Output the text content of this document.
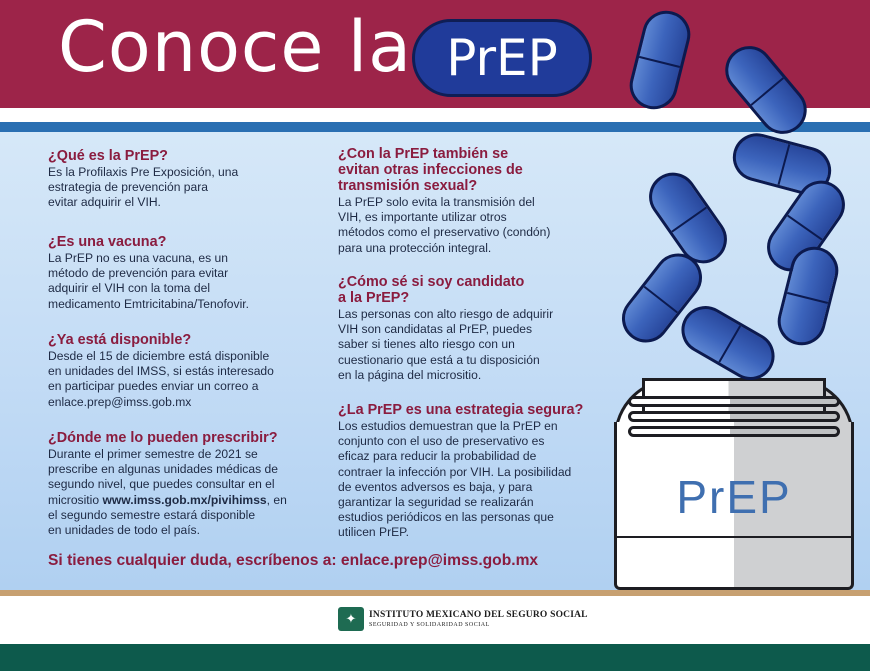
Conoce la PrEP
¿Qué es la PrEP?

Es la Profilaxis Pre Exposición, una
estrategia de prevención para
evitar adquirir el VIH.

¿Es una vacuna?

La PrEP no es una vacuna, es un
método de prevención para evitar
adquirir el VIH con la toma del
medicamento Emtricitabina/Tenofovir.

¿Ya está disponible?

Desde el 15 de diciembre está disponible
en unidades del IMSS, si estás interesado
en participar puedes enviar un correo a
enlace.prep@imss.gob.mx

¿Dónde me lo pueden prescribir?

Durante el primer semestre de 2021 se
prescribe en algunas unidades médicas de
segundo nivel, que puedes consultar en el
micrositio www.imss.gob.mx/pivihimss, en
el segundo semestre estará disponible
en unidades de todo el país.

¿Con la PrEP también se
evitan otras infecciones de
transmisión sexual?

La PrEP solo evita la transmisión del
VIH, es importante utilizar otros
métodos como el preservativo (condón)
para una protección integral.

¿Cómo sé si soy candidato
a la PrEP?

Las personas con alto riesgo de adquirir
VIH son candidatas al PrEP, puedes
saber si tienes alto riesgo con un
cuestionario que está a tu disposición
en la página del micrositio.

¿La PrEP es una estrategia segura?

Los estudios demuestran que la PrEP en
conjunto con el uso de preservativo es
eficaz para reducir la probabilidad de
contraer la infección por VIH. La posibilidad
de eventos adversos es baja, y para
garantizar la seguridad se realizarán
estudios periódicos en las personas que
utilicen PrEP.

Si tienes cualquier duda, escríbenos a: enlace.prep@imss.gob.mx

PrEP

✦	INSTITUTO MEXICANO DEL SEGURO SOCIAL

SEGURIDAD Y SOLIDARIDAD SOCIAL
